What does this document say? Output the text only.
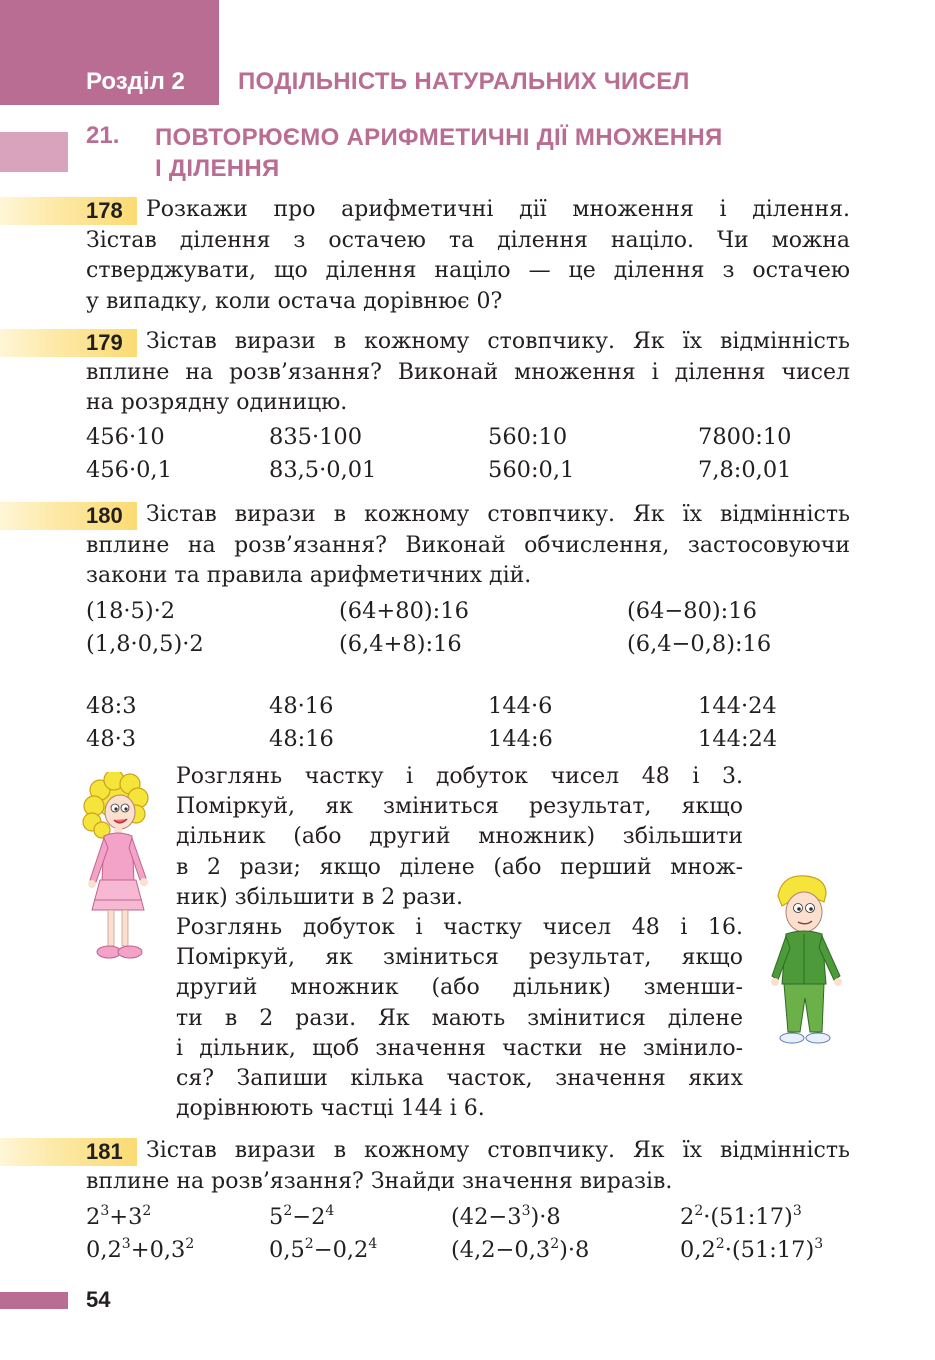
Розділ 2 ПОДІЛЬНІСТЬ НАТУРАЛЬНИХ ЧИСЕЛ
21. ПОВТОРЮЄМО АРИФМЕТИЧНІ ДІЇ МНОЖЕННЯ
І ДІЛЕННЯ
178	Розкажи про арифметичні дії множення і ділення.
Зістав ділення з остачею та ділення націло. Чи можна
стверджувати, що ділення націло — це ділення з остачею
у випадку, коли остача дорівнює 0?
179	Зістав вирази в кожному стовпчику. Як їх відмінність
вплине на розв’язання? Виконай множення і ділення чисел
на розрядну одиницю.
456·10	835·100	560:10	7800:10
456·0,1	83,5·0,01	560:0,1	7,8:0,01
180	Зістав вирази в кожному стовпчику. Як їх відмінність
вплине на розв’язання? Виконай обчислення, застосовуючи
закони та правила арифметичних дій.
(18·5)·2	(64+80):16	(64−80):16
(1,8·0,5)·2	(6,4+8):16	(6,4−0,8):16
48:3	48·16	144·6	144·24
48·3	48:16	144:6	144:24
Розглянь частку і добуток чисел 48 і 3.
Поміркуй, як зміниться результат, якщо
дільник (або другий множник) збільшити
в 2 рази; якщо ділене (або перший множ-
ник) збільшити в 2 рази.
Розглянь добуток і частку чисел 48 і 16.
Поміркуй, як зміниться результат, якщо
другий множник (або дільник) зменши-
ти в 2 рази. Як мають змінитися ділене
і дільник, щоб значення частки не змінило-
ся? Запиши кілька часток, значення яких
дорівнюють частці 144 і 6.
181	Зістав вирази в кожному стовпчику. Як їх відмінність
вплине на розв’язання? Знайди значення виразів.
$2^3+3^2$	$5^2-2^4$	$(42-3^3)\cdot 8$	$2^2\cdot(51:17)^3$
$0,2^3+0,3^2$	$0,5^2-0,2^4$	$(4,2-0,3^2)\cdot 8$	$0,2^2\cdot(51:17)^3$
54
